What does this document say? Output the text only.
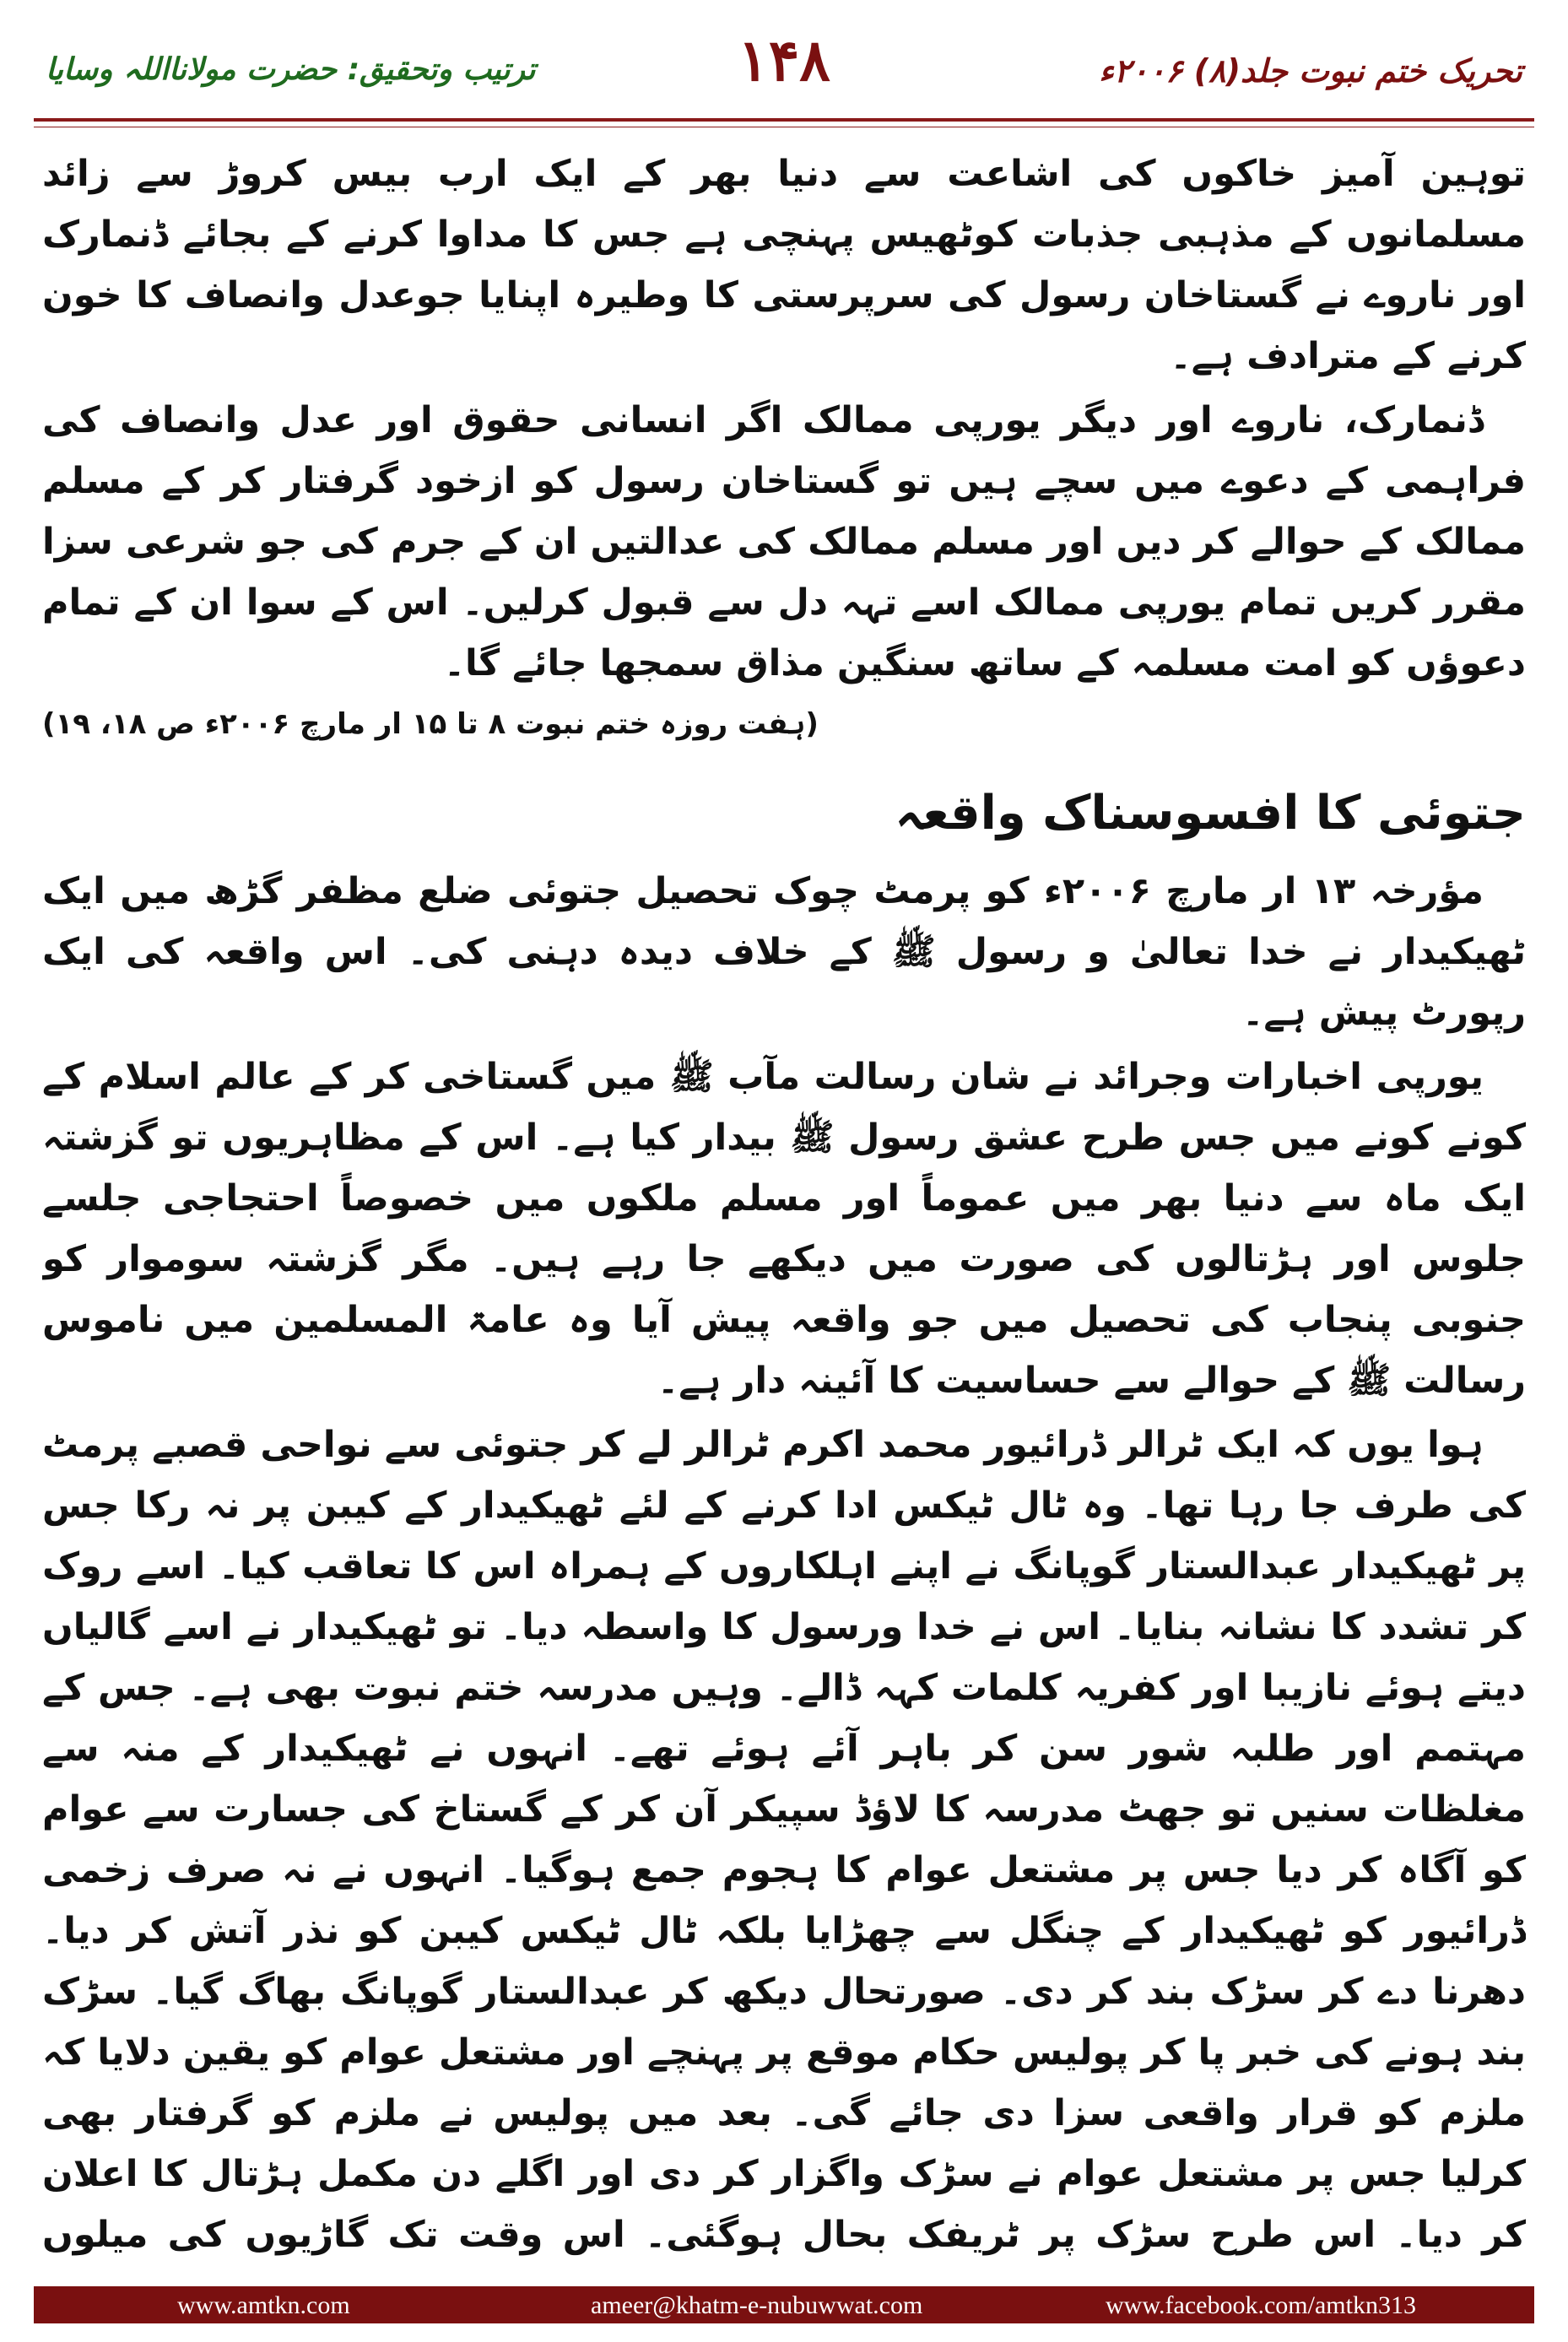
تحریک ختم نبوت جلد(۸) ۲۰۰۶ء
۱۴۸
ترتیب وتحقیق: حضرت مولانااللہ وسایا

توہین آمیز خاکوں کی اشاعت سے دنیا بھر کے ایک ارب بیس کروڑ سے زائد مسلمانوں کے مذہبی جذبات کوٹھیس پہنچی ہے جس کا مداوا کرنے کے بجائے ڈنمارک اور ناروے نے گستاخان رسول کی سرپرستی کا وطیرہ اپنایا جوعدل وانصاف کا خون کرنے کے مترادف ہے۔

ڈنمارک، ناروے اور دیگر یورپی ممالک اگر انسانی حقوق اور عدل وانصاف کی فراہمی کے دعوے میں سچے ہیں تو گستاخان رسول کو ازخود گرفتار کر کے مسلم ممالک کے حوالے کر دیں اور مسلم ممالک کی عدالتیں ان کے جرم کی جو شرعی سزا مقرر کریں تمام یورپی ممالک اسے تہہ دل سے قبول کرلیں۔ اس کے سوا ان کے تمام دعوؤں کو امت مسلمہ کے ساتھ سنگین مذاق سمجھا جائے گا۔

(ہفت روزہ ختم نبوت ۸ تا ۱۵ ار مارچ ۲۰۰۶ء ص ۱۸، ۱۹)
جتوئی کا افسوسناک واقعہ

مؤرخہ ۱۳ ار مارچ ۲۰۰۶ء کو پرمٹ چوک تحصیل جتوئی ضلع مظفر گڑھ میں ایک ٹھیکیدار نے خدا تعالیٰ و رسول ﷺ کے خلاف دیدہ دہنی کی۔ اس واقعہ کی ایک رپورٹ پیش ہے۔

یورپی اخبارات وجرائد نے شان رسالت مآب ﷺ میں گستاخی کر کے عالم اسلام کے کونے کونے میں جس طرح عشق رسول ﷺ بیدار کیا ہے۔ اس کے مظاہریوں تو گزشتہ ایک ماہ سے دنیا بھر میں عموماً اور مسلم ملکوں میں خصوصاً احتجاجی جلسے جلوس اور ہڑتالوں کی صورت میں دیکھے جا رہے ہیں۔ مگر گزشتہ سوموار کو جنوبی پنجاب کی تحصیل میں جو واقعہ پیش آیا وہ عامۃ المسلمین میں ناموس رسالت ﷺ کے حوالے سے حساسیت کا آئینہ دار ہے۔

ہوا یوں کہ ایک ٹرالر ڈرائیور محمد اکرم ٹرالر لے کر جتوئی سے نواحی قصبے پرمٹ کی طرف جا رہا تھا۔ وہ ٹال ٹیکس ادا کرنے کے لئے ٹھیکیدار کے کیبن پر نہ رکا جس پر ٹھیکیدار عبدالستار گوپانگ نے اپنے اہلکاروں کے ہمراہ اس کا تعاقب کیا۔ اسے روک کر تشدد کا نشانہ بنایا۔ اس نے خدا ورسول کا واسطہ دیا۔ تو ٹھیکیدار نے اسے گالیاں دیتے ہوئے نازیبا اور کفریہ کلمات کہہ ڈالے۔ وہیں مدرسہ ختم نبوت بھی ہے۔ جس کے مہتمم اور طلبہ شور سن کر باہر آئے ہوئے تھے۔ انہوں نے ٹھیکیدار کے منہ سے مغلظات سنیں تو جھٹ مدرسہ کا لاؤڈ سپیکر آن کر کے گستاخ کی جسارت سے عوام کو آگاہ کر دیا جس پر مشتعل عوام کا ہجوم جمع ہوگیا۔ انہوں نے نہ صرف زخمی ڈرائیور کو ٹھیکیدار کے چنگل سے چھڑایا بلکہ ٹال ٹیکس کیبن کو نذر آتش کر دیا۔ دھرنا دے کر سڑک بند کر دی۔ صورتحال دیکھ کر عبدالستار گوپانگ بھاگ گیا۔ سڑک بند ہونے کی خبر پا کر پولیس حکام موقع پر پہنچے اور مشتعل عوام کو یقین دلایا کہ ملزم کو قرار واقعی سزا دی جائے گی۔ بعد میں پولیس نے ملزم کو گرفتار بھی کرلیا جس پر مشتعل عوام نے سڑک واگزار کر دی اور اگلے دن مکمل ہڑتال کا اعلان کر دیا۔ اس طرح سڑک پر ٹریفک بحال ہوگئی۔ اس وقت تک گاڑیوں کی میلوں

www.amtkn.com	ameer@khatm-e-nubuwwat.com	www.facebook.com/amtkn313
